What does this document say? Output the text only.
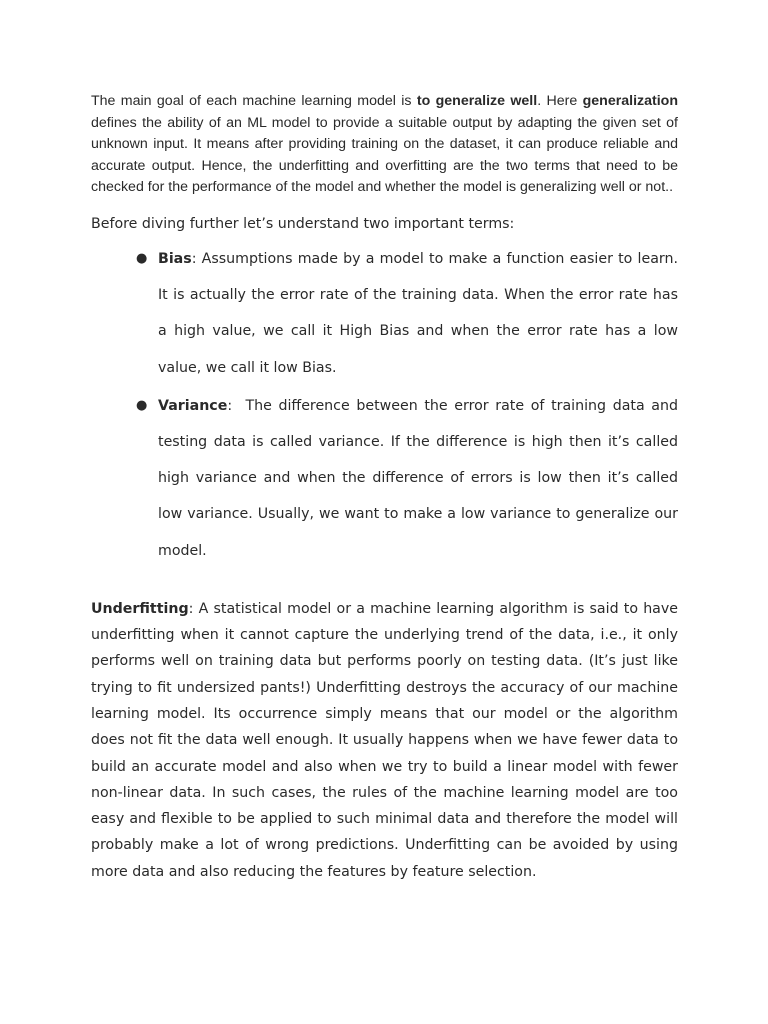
The main goal of each machine learning model is to generalize well. Here generalization defines the ability of an ML model to provide a suitable output by adapting the given set of unknown input. It means after providing training on the dataset, it can produce reliable and accurate output. Hence, the underfitting and overfitting are the two terms that need to be checked for the performance of the model and whether the model is generalizing well or not..

Before diving further let’s understand two important terms:

● Bias: Assumptions made by a model to make a function easier to learn. It is actually the error rate of the training data. When the error rate has a high value, we call it High Bias and when the error rate has a low value, we call it low Bias.
● Variance:  The difference between the error rate of training data and testing data is called variance. If the difference is high then it’s called high variance and when the difference of errors is low then it’s called low variance. Usually, we want to make a low variance to generalize our model.

Underfitting: A statistical model or a machine learning algorithm is said to have underfitting when it cannot capture the underlying trend of the data, i.e., it only performs well on training data but performs poorly on testing data. (It’s just like trying to fit undersized pants!) Underfitting destroys the accuracy of our machine learning model. Its occurrence simply means that our model or the algorithm does not fit the data well enough. It usually happens when we have fewer data to build an accurate model and also when we try to build a linear model with fewer non-linear data. In such cases, the rules of the machine learning model are too easy and flexible to be applied to such minimal data and therefore the model will probably make a lot of wrong predictions. Underfitting can be avoided by using more data and also reducing the features by feature selection.
